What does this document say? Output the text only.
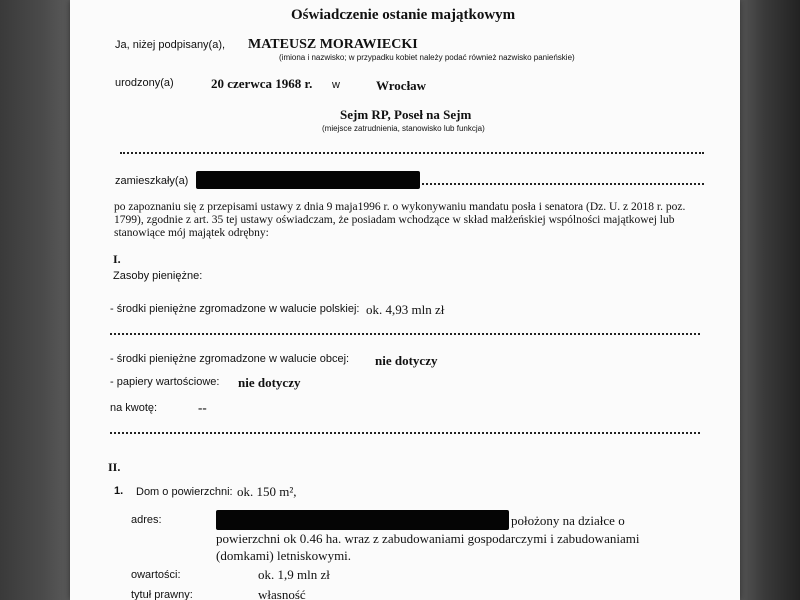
Oświadczenie ostanie majątkowym
Ja, niżej podpisany(a), MATEUSZ MORAWIECKI
(imiona i nazwisko; w przypadku kobiet należy podać również nazwisko panieńskie)
urodzony(a)	20 czerwca 1968 r. w	Wrocław
Sejm RP, Poseł na Sejm
(miejsce zatrudnienia, stanowisko lub funkcja)
zamieszkały(a)
po zapoznaniu się z przepisami ustawy z dnia 9 maja1996 r. o wykonywaniu mandatu posła i senatora (Dz. U. z 2018 r. poz. 1799), zgodnie z art. 35 tej ustawy oświadczam, że posiadam wchodzące w skład małżeńskiej wspólności majątkowej lub stanowiące mój majątek odrębny:
I.
Zasoby pieniężne:
- środki pieniężne zgromadzone w walucie polskiej: ok. 4,93 mln zł
- środki pieniężne zgromadzone w walucie obcej: nie dotyczy
- papiery wartościowe: nie dotyczy
na kwotę:	--
II.
1. Dom o powierzchni: ok. 150 m²,
adres:	położony na działce o
powierzchni ok 0.46 ha. wraz z zabudowaniami gospodarczymi i zabudowaniami
(domkami) letniskowymi.
owartości:	ok. 1,9 mln zł
tytuł prawny:	własność
